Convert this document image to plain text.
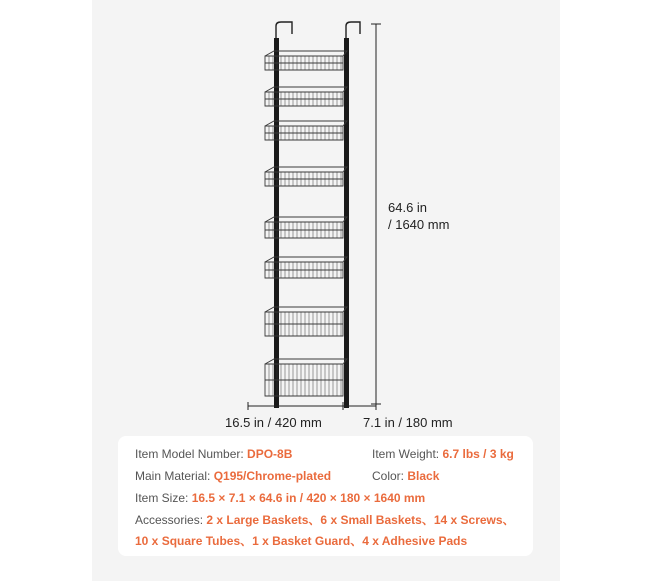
64.6 in
/ 1640 mm
16.5 in / 420 mm	7.1 in / 180 mm
Item Model Number: DPO-8B	Item Weight: 6.7 lbs / 3 kg
Main Material: Q195/Chrome-plated	Color: Black
Item Size: 16.5 × 7.1 × 64.6 in / 420 × 180 × 1640 mm
Accessories: 2 x Large Baskets、6 x Small Baskets、14 x Screws、
10 x Square Tubes、1 x Basket Guard、4 x Adhesive Pads
